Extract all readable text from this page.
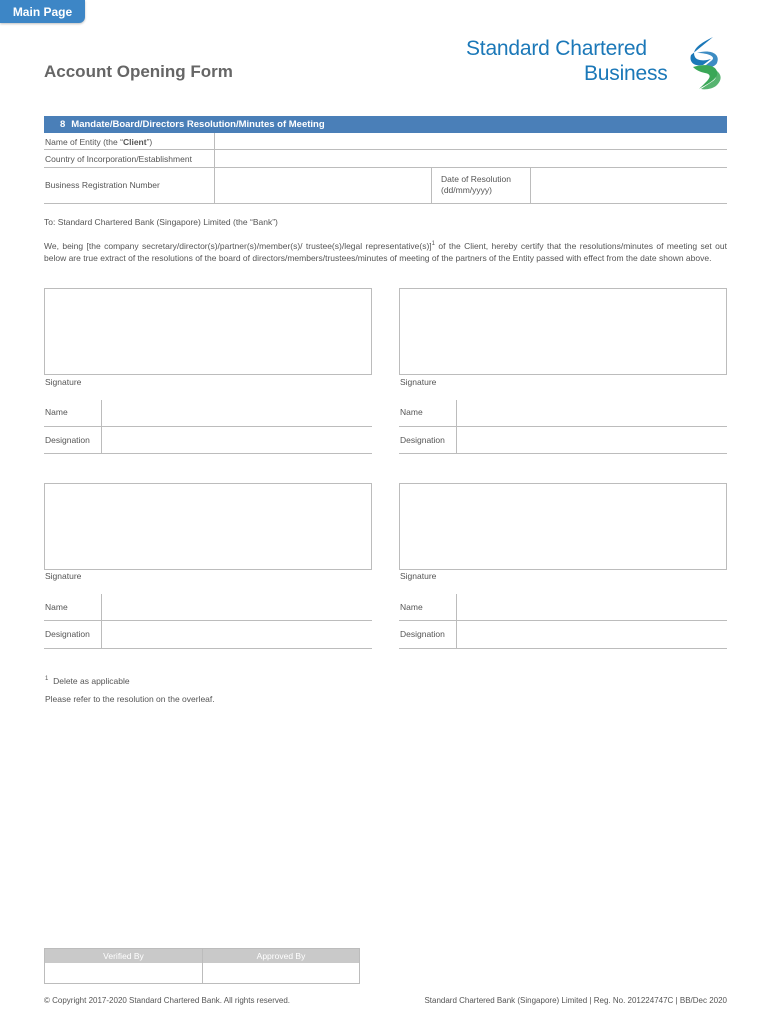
Main Page
Account Opening Form
Standard Chartered
Business
8 Mandate/Board/Directors Resolution/Minutes of Meeting
Name of Entity (the “Client”)
Country of Incorporation/Establishment
Business Registration Number
Date of Resolution
(dd/mm/yyyy)
To: Standard Chartered Bank (Singapore) Limited (the “Bank”)
We, being [the company secretary/director(s)/partner(s)/member(s)/ trustee(s)/legal representative(s)]$^1$ of the Client, hereby certify that the resolutions/minutes of meeting set out below are true extract of the resolutions of the board of directors/members/trustees/minutes of meeting of the partners of the Entity passed with effect from the date shown above.
Signature
Name
Designation
Signature
Name
Designation
Signature
Name
Designation
Signature
Name
Designation
$^1$ Delete as applicable
Please refer to the resolution on the overleaf.
Verified By	Approved By
© Copyright 2017-2020 Standard Chartered Bank. All rights reserved.	Standard Chartered Bank (Singapore) Limited | Reg. No. 201224747C | BB/Dec 2020
